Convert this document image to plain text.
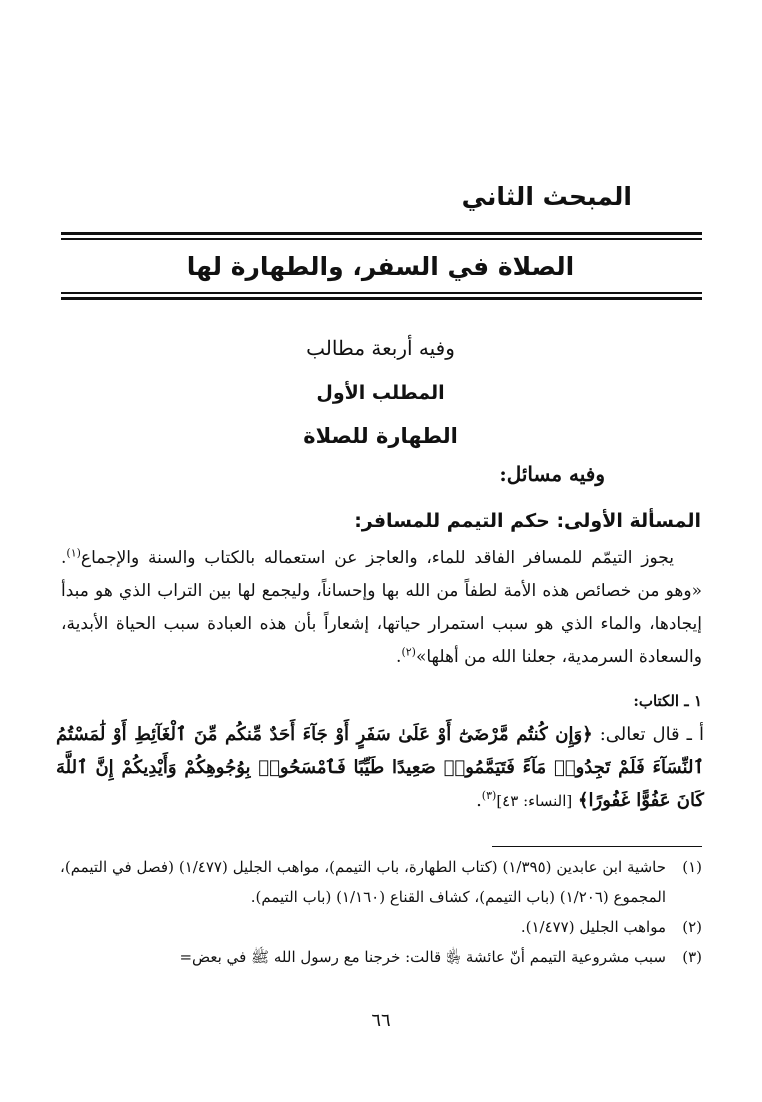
المبحث الثاني
الصلاة في السفر، والطهارة لها
وفيه أربعة مطالب
المطلب الأول
الطهارة للصلاة
وفيه مسائل:
المسألة الأولى: حكم التيمم للمسافر:

يجوز التيمّم للمسافر الفاقد للماء، والعاجز عن استعماله بالكتاب والسنة والإجماع$^{(١)}$. «وهو من خصائص هذه الأمة لطفاً من الله بها وإحساناً، وليجمع لها بين التراب الذي هو مبدأ إيجادها، والماء الذي هو سبب استمرار حياتها، إشعاراً بأن هذه العبادة سبب الحياة الأبدية، والسعادة السرمدية، جعلنا الله من أهلها»$^{(٢)}$.

١ ـ الكتاب:

أ ـ قال تعالى: ﴿وَإِن كُنتُم مَّرْضَىٰٓ أَوْ عَلَىٰ سَفَرٍ أَوْ جَآءَ أَحَدٌ مِّنكُم مِّنَ ٱلْغَآئِطِ أَوْ لَٰمَسْتُمُ ٱلنِّسَآءَ فَلَمْ تَجِدُوا۟ مَآءً فَتَيَمَّمُوا۟ صَعِيدًا طَيِّبًا فَٱمْسَحُوا۟ بِوُجُوهِكُمْ وَأَيْدِيكُمْ إِنَّ ٱللَّهَ كَانَ عَفُوًّا غَفُورًا﴾ [النساء: ٤٣]$^{(٣)}$.

(١)
حاشية ابن عابدين (١/٣٩٥) (كتاب الطهارة، باب التيمم)، مواهب الجليل (١/٤٧٧) (فصل في التيمم)، المجموع (١/٢٠٦) (باب التيمم)، كشاف القناع (١/١٦٠) (باب التيمم).

(٢)
مواهب الجليل (١/٤٧٧).

(٣)
سبب مشروعية التيمم أنّ عائشة ﵂ قالت: خرجنا مع رسول الله ﷺ في بعض=

٦٦
